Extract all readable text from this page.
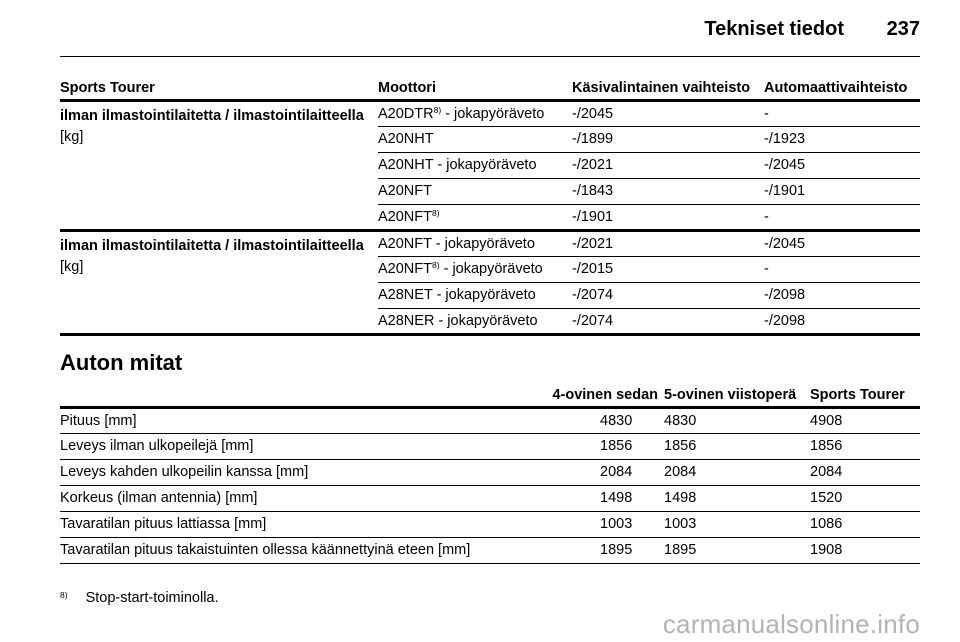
Tekniset tiedot 237
Sports Tourer	Moottori	Käsivalintainen vaihteisto	Automaattivaihteisto

ilman ilmastointilaitetta / ilmastointilaitteella
[kg]	A20DTR$^{8)}$ - jokapyöräveto	-/2045	-
	A20NHT	-/1899	-/1923
	A20NHT - jokapyöräveto	-/2021	-/2045
	A20NFT	-/1843	-/1901
	A20NFT$^{8)}$	-/1901	-

ilman ilmastointilaitetta / ilmastointilaitteella
[kg]	A20NFT - jokapyöräveto	-/2021	-/2045
	A20NFT$^{8)}$ - jokapyöräveto	-/2015	-
	A28NET - jokapyöräveto	-/2074	-/2098
	A28NER - jokapyöräveto	-/2074	-/2098
Auton mitat
	4-ovinen sedan	5-ovinen viistoperä	Sports Tourer
Pituus [mm]	4830	4830	4908
Leveys ilman ulkopeilejä [mm]	1856	1856	1856
Leveys kahden ulkopeilin kanssa [mm]	2084	2084	2084
Korkeus (ilman antennia) [mm]	1498	1498	1520
Tavaratilan pituus lattiassa [mm]	1003	1003	1086
Tavaratilan pituus takaistuinten ollessa käännettyinä eteen [mm]	1895	1895	1908
$^{8)}$ Stop-start-toiminolla.
carmanualsonline.info
